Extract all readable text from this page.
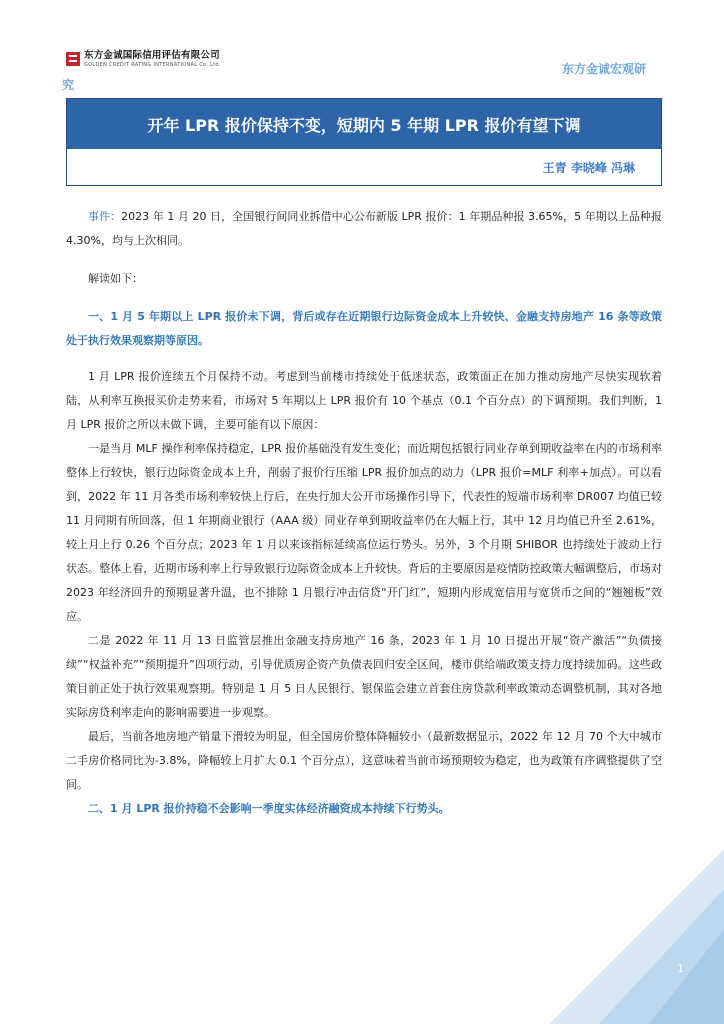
东方金诚国际信用评估有限公司
GOLDEN CREDIT RATING INTERNATIONAL Co.,Ltd.	东方金诚宏观研
究
开年 LPR 报价保持不变，短期内 5 年期 LPR 报价有望下调
王青 李晓峰 冯琳

事件：2023 年 1 月 20 日，全国银行间同业拆借中心公布新版 LPR 报价：1 年期品种报 3.65%，5 年期以上品种报 4.30%，均与上次相同。

解读如下：

一、1 月 5 年期以上 LPR 报价未下调，背后或存在近期银行边际资金成本上升较快、金融支持房地产 16 条等政策处于执行效果观察期等原因。

1 月 LPR 报价连续五个月保持不动。考虑到当前楼市持续处于低迷状态，政策面正在加力推动房地产尽快实现软着陆，从利率互换报买价走势来看，市场对 5 年期以上 LPR 报价有 10 个基点（0.1 个百分点）的下调预期。我们判断，1 月 LPR 报价之所以未做下调，主要可能有以下原因：

一是当月 MLF 操作利率保持稳定，LPR 报价基础没有发生变化；而近期包括银行同业存单到期收益率在内的市场利率整体上行较快，银行边际资金成本上升，削弱了报价行压缩 LPR 报价加点的动力（LPR 报价=MLF 利率+加点）。可以看到，2022 年 11 月各类市场利率较快上行后，在央行加大公开市场操作引导下，代表性的短端市场利率 DR007 均值已较 11 月同期有所回落，但 1 年期商业银行（AAA 级）同业存单到期收益率仍在大幅上行，其中 12 月均值已升至 2.61%，较上月上行 0.26 个百分点；2023 年 1 月以来该指标延续高位运行势头。另外，3 个月期 SHIBOR 也持续处于波动上行状态。整体上看，近期市场利率上行导致银行边际资金成本上升较快。背后的主要原因是疫情防控政策大幅调整后，市场对 2023 年经济回升的预期显著升温，也不排除 1 月银行冲击信贷“开门红”，短期内形成宽信用与宽货币之间的“翘翘板”效应。

二是 2022 年 11 月 13 日监管层推出金融支持房地产 16 条，2023 年 1 月 10 日提出开展“资产激活”“负债接续”“权益补充”“预期提升”四项行动，引导优质房企资产负债表回归安全区间，楼市供给端政策支持力度持续加码。这些政策目前正处于执行效果观察期。特别是 1 月 5 日人民银行、银保监会建立首套住房贷款利率政策动态调整机制，其对各地实际房贷利率走向的影响需要进一步观察。

最后，当前各地房地产销量下滑较为明显，但全国房价整体降幅较小（最新数据显示，2022 年 12 月 70 个大中城市二手房价格同比为-3.8%，降幅较上月扩大 0.1 个百分点），这意味着当前市场预期较为稳定，也为政策有序调整提供了空间。

二、1 月 LPR 报价持稳不会影响一季度实体经济融资成本持续下行势头。
1
